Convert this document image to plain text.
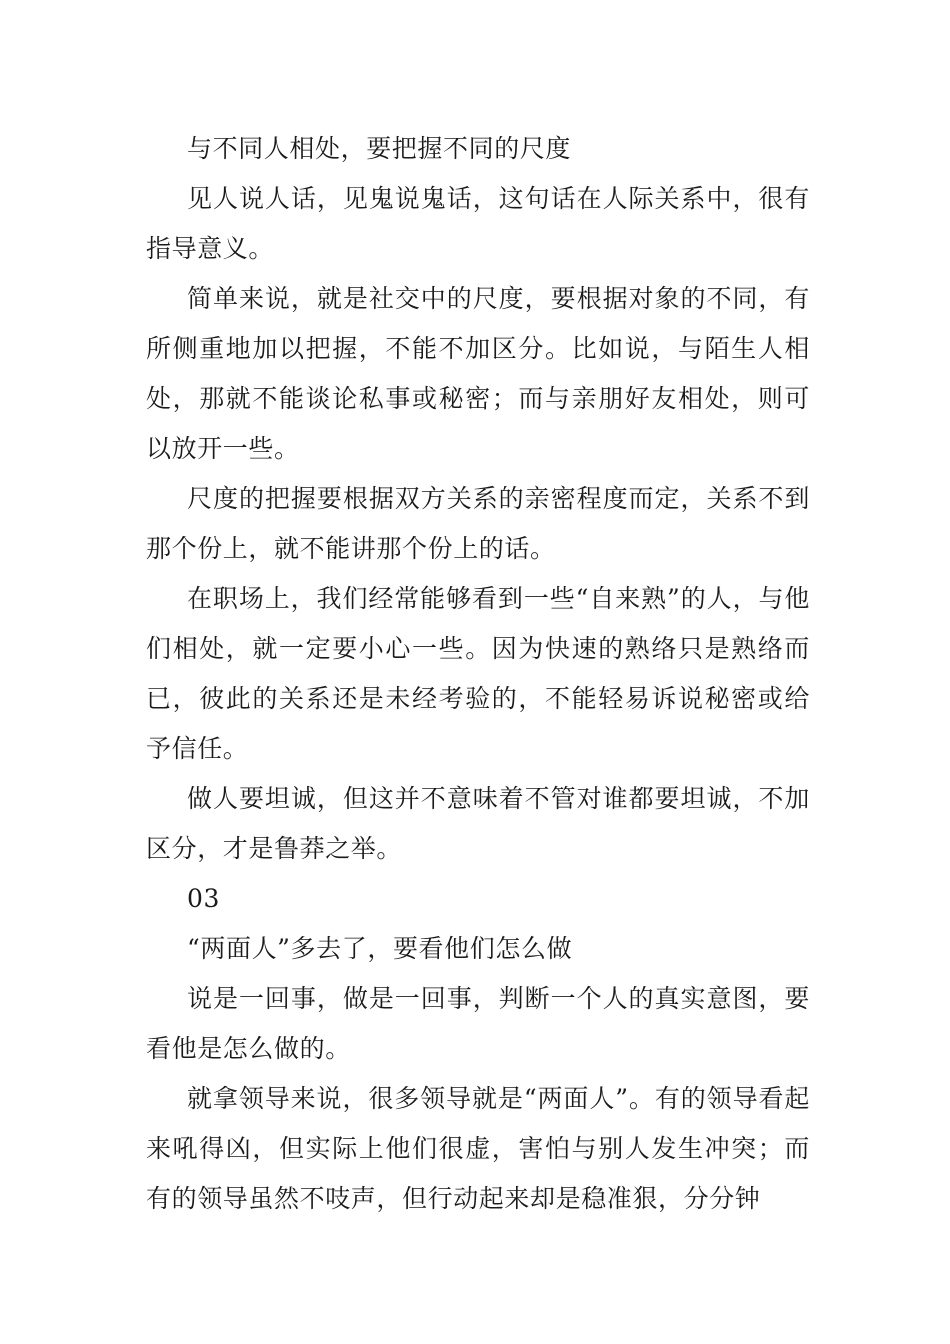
与不同人相处，要把握不同的尺度

见人说人话，见鬼说鬼话，这句话在人际关系中，很有指导意义。

简单来说，就是社交中的尺度，要根据对象的不同，有所侧重地加以把握，不能不加区分。比如说，与陌生人相处，那就不能谈论私事或秘密；而与亲朋好友相处，则可以放开一些。

尺度的把握要根据双方关系的亲密程度而定，关系不到那个份上，就不能讲那个份上的话。

在职场上，我们经常能够看到一些“自来熟”的人，与他们相处，就一定要小心一些。因为快速的熟络只是熟络而已，彼此的关系还是未经考验的，不能轻易诉说秘密或给予信任。

做人要坦诚，但这并不意味着不管对谁都要坦诚，不加区分，才是鲁莽之举。

03

“两面人”多去了，要看他们怎么做

说是一回事，做是一回事，判断一个人的真实意图，要看他是怎么做的。

就拿领导来说，很多领导就是“两面人”。有的领导看起来吼得凶，但实际上他们很虚，害怕与别人发生冲突；而有的领导虽然不吱声，但行动起来却是稳准狠，分分钟
